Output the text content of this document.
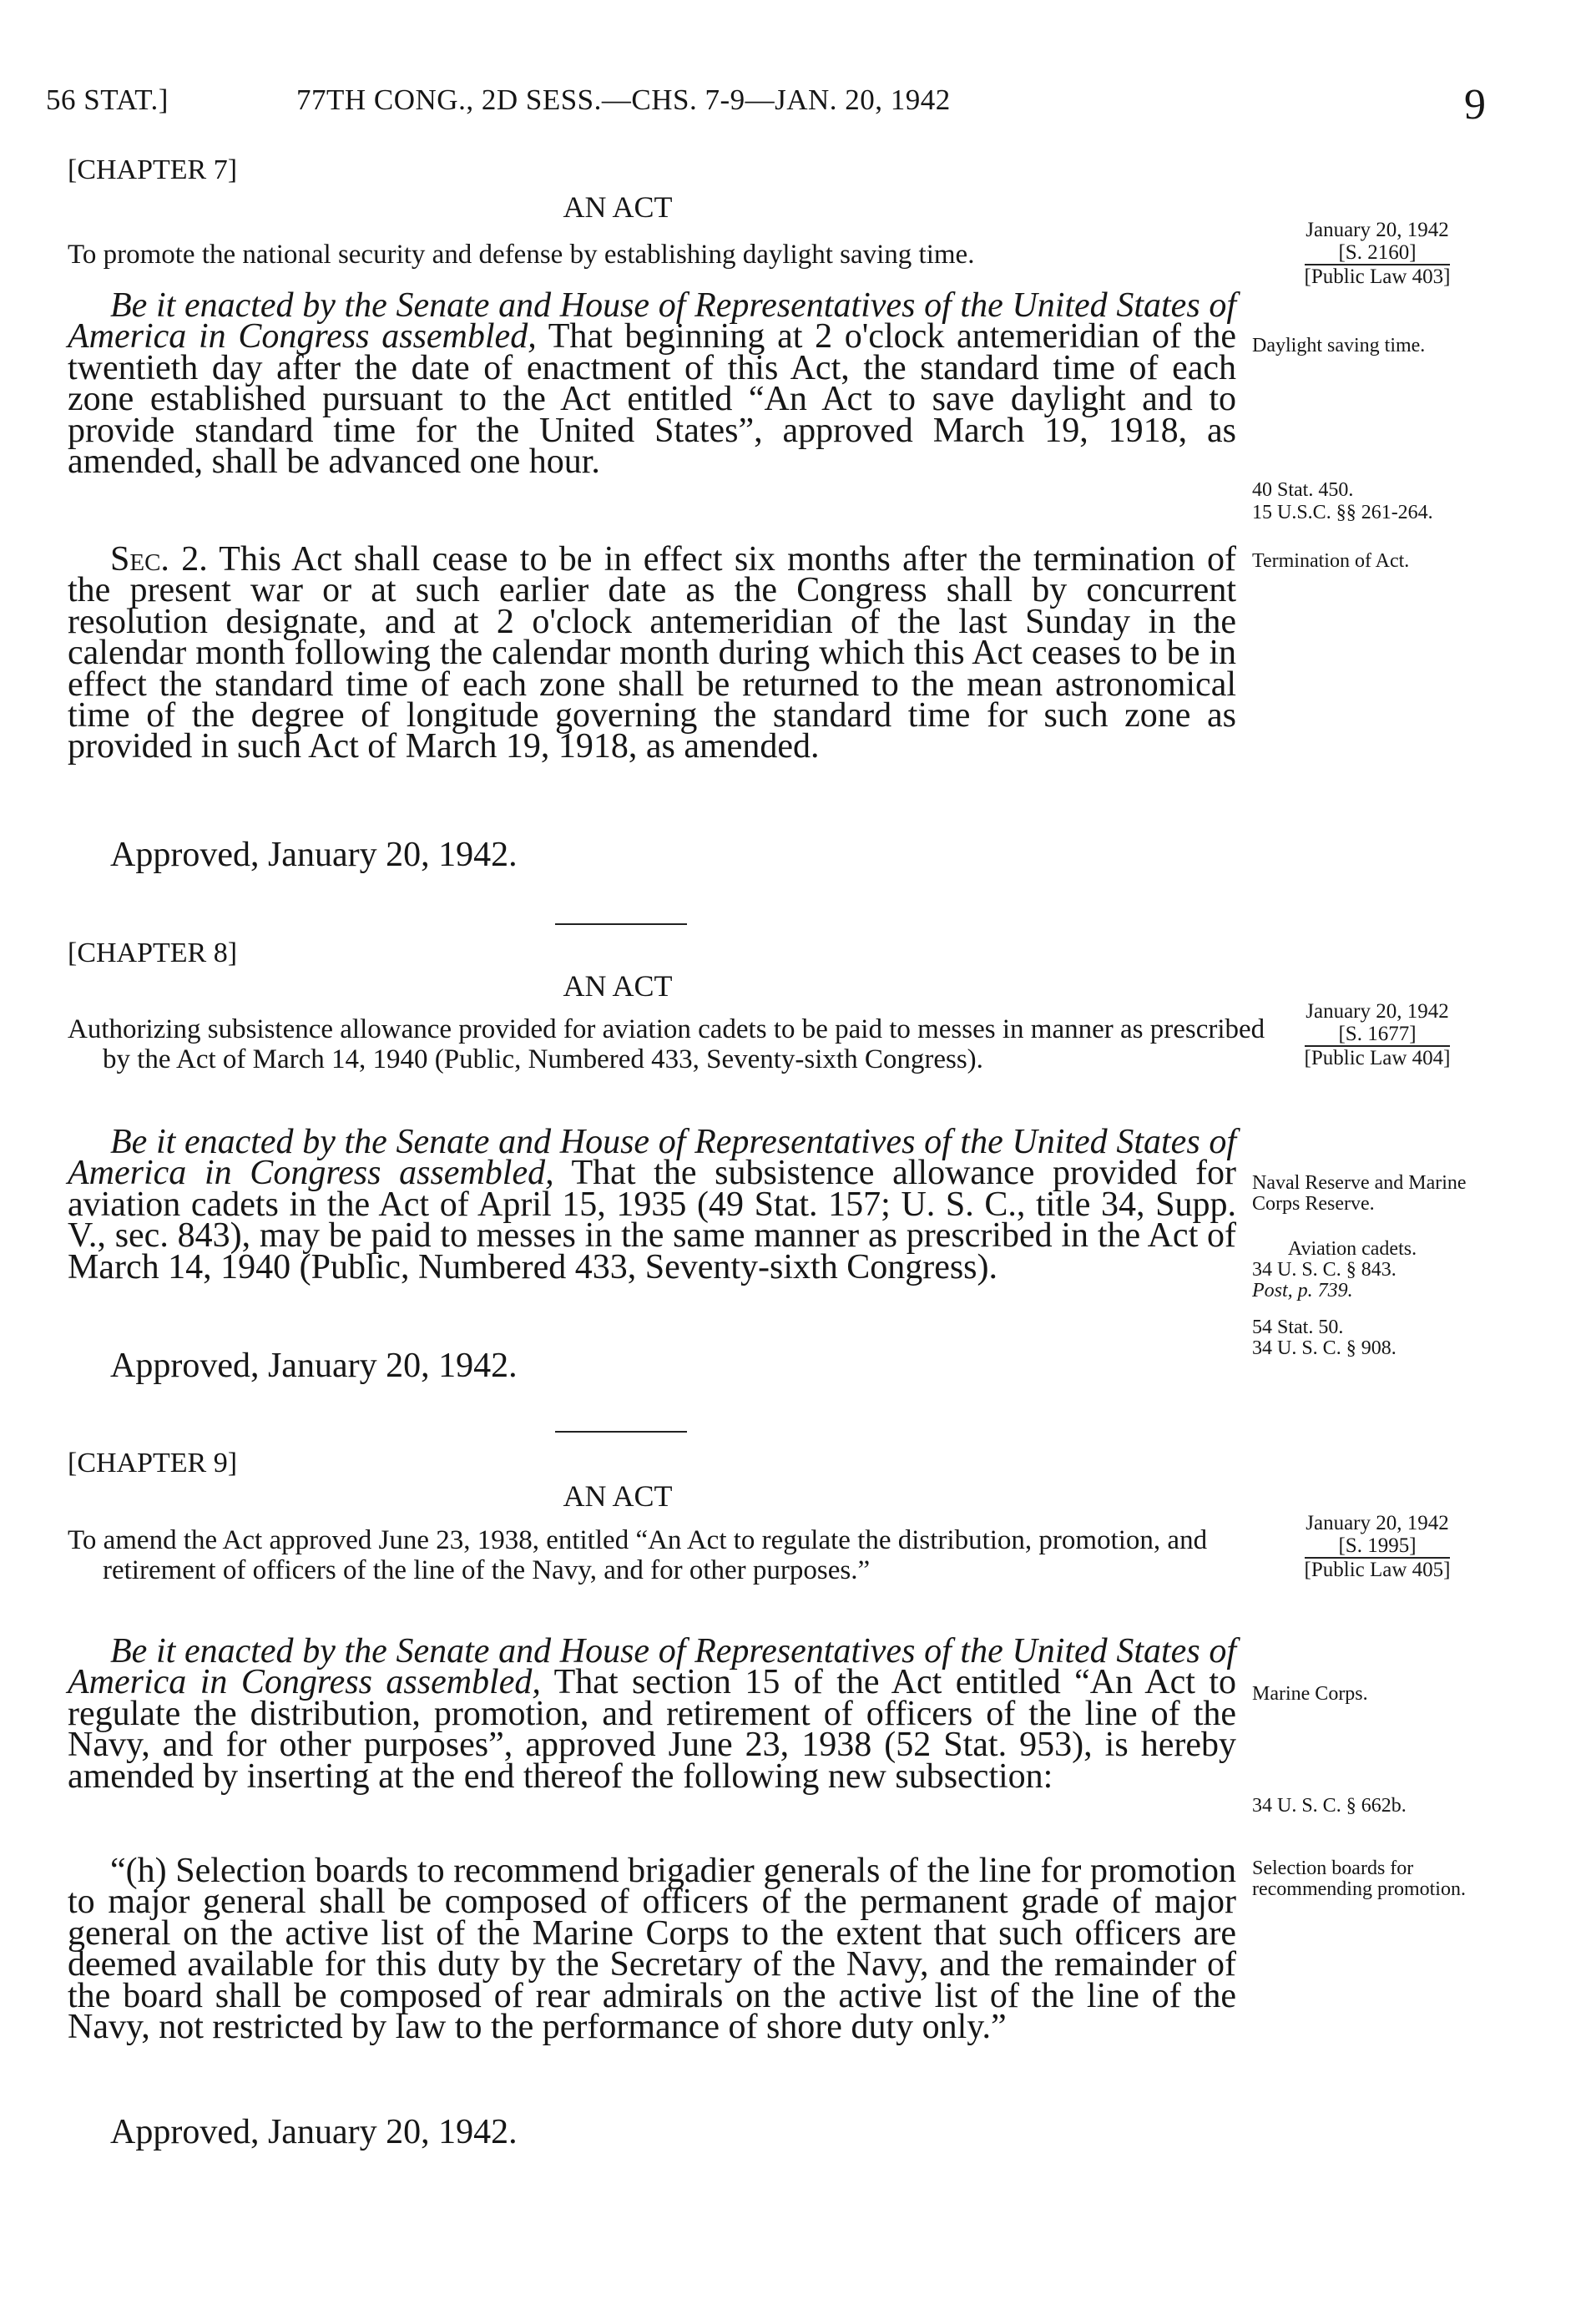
56 STAT.]	77TH CONG., 2D SESS.—CHS. 7-9—JAN. 20, 1942	9
[CHAPTER 7]
AN ACT
To promote the national security and defense by establishing daylight saving time.
January 20, 1942
[S. 2160]
[Public Law 403]
Be it enacted by the Senate and House of Representatives of the United States of America in Congress assembled, That beginning at 2 o'clock antemeridian of the twentieth day after the date of enactment of this Act, the standard time of each zone established pursuant to the Act entitled “An Act to save daylight and to provide standard time for the United States”, approved March 19, 1918, as amended, shall be advanced one hour.
Sec. 2. This Act shall cease to be in effect six months after the termination of the present war or at such earlier date as the Congress shall by concurrent resolution designate, and at 2 o'clock antemeridian of the last Sunday in the calendar month following the calendar month during which this Act ceases to be in effect the standard time of each zone shall be returned to the mean astronomical time of the degree of longitude governing the standard time for such zone as provided in such Act of March 19, 1918, as amended.
Approved, January 20, 1942.
Daylight saving time.
40 Stat. 450.
15 U.S.C. §§ 261-264.
Termination of Act.
[CHAPTER 8]
AN ACT
Authorizing subsistence allowance provided for aviation cadets to be paid to messes in manner as prescribed by the Act of March 14, 1940 (Public, Numbered 433, Seventy-sixth Congress).
January 20, 1942
[S. 1677]
[Public Law 404]
Be it enacted by the Senate and House of Representatives of the United States of America in Congress assembled, That the subsistence allowance provided for aviation cadets in the Act of April 15, 1935 (49 Stat. 157; U. S. C., title 34, Supp. V., sec. 843), may be paid to messes in the same manner as prescribed in the Act of March 14, 1940 (Public, Numbered 433, Seventy-sixth Congress).
Approved, January 20, 1942.
Naval Reserve and Marine Corps Reserve.
Aviation cadets.
34 U. S. C. § 843.
Post, p. 739.
54 Stat. 50.
34 U. S. C. § 908.
[CHAPTER 9]
AN ACT
To amend the Act approved June 23, 1938, entitled “An Act to regulate the distribution, promotion, and retirement of officers of the line of the Navy, and for other purposes.”
January 20, 1942
[S. 1995]
[Public Law 405]
Be it enacted by the Senate and House of Representatives of the United States of America in Congress assembled, That section 15 of the Act entitled “An Act to regulate the distribution, promotion, and retirement of officers of the line of the Navy, and for other purposes”, approved June 23, 1938 (52 Stat. 953), is hereby amended by inserting at the end thereof the following new subsection:
“(h) Selection boards to recommend brigadier generals of the line for promotion to major general shall be composed of officers of the permanent grade of major general on the active list of the Marine Corps to the extent that such officers are deemed available for this duty by the Secretary of the Navy, and the remainder of the board shall be composed of rear admirals on the active list of the line of the Navy, not restricted by law to the performance of shore duty only.”
Approved, January 20, 1942.
Marine Corps.
34 U. S. C. § 662b.
Selection boards for recommending promotion.
